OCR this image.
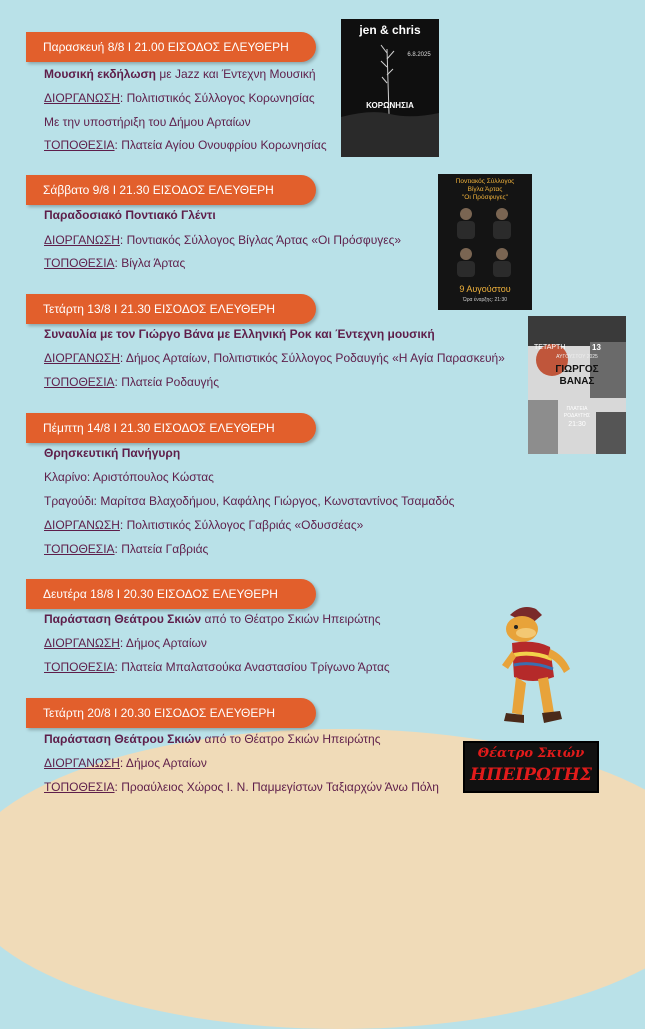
Παρασκευή 8/8 Ι 21.00 ΕΙΣΟΔΟΣ ΕΛΕΥΘΕΡΗ
Μουσική εκδήλωση με Jazz και Έντεχνη Μουσική
ΔΙΟΡΓΑΝΩΣΗ: Πολιτιστικός Σύλλογος Κορωνησίας
Με την υποστήριξη του Δήμου Αρταίων
ΤΟΠΟΘΕΣΙΑ: Πλατεία Αγίου Ονουφρίου Κορωνησίας
Σάββατο 9/8 Ι 21.30 ΕΙΣΟΔΟΣ ΕΛΕΥΘΕΡΗ
Παραδοσιακό Ποντιακό Γλέντι
ΔΙΟΡΓΑΝΩΣΗ: Ποντιακός Σύλλογος Βίγλας Άρτας «Οι Πρόσφυγες»
ΤΟΠΟΘΕΣΙΑ: Βίγλα Άρτας
Τετάρτη 13/8 Ι 21.30 ΕΙΣΟΔΟΣ ΕΛΕΥΘΕΡΗ
Συναυλία με τον Γιώργο Βάνα με Ελληνική Ροκ και Έντεχνη μουσική
ΔΙΟΡΓΑΝΩΣΗ: Δήμος Αρταίων, Πολιτιστικός Σύλλογος Ροδαυγής «Η Αγία Παρασκευή»
ΤΟΠΟΘΕΣΙΑ: Πλατεία Ροδαυγής
Πέμπτη 14/8 Ι 21.30 ΕΙΣΟΔΟΣ ΕΛΕΥΘΕΡΗ
Θρησκευτική Πανήγυρη
Κλαρίνο: Αριστόπουλος Κώστας
Τραγούδι: Μαρίτσα Βλαχοδήμου, Καφάλης Γιώργος, Κωνσταντίνος Τσαμαδός
ΔΙΟΡΓΑΝΩΣΗ: Πολιτιστικός Σύλλογος Γαβριάς «Οδυσσέας»
ΤΟΠΟΘΕΣΙΑ: Πλατεία Γαβριάς
Δευτέρα 18/8 Ι 20.30 ΕΙΣΟΔΟΣ ΕΛΕΥΘΕΡΗ
Παράσταση Θεάτρου Σκιών από το Θέατρο Σκιών Ηπειρώτης
ΔΙΟΡΓΑΝΩΣΗ: Δήμος Αρταίων
ΤΟΠΟΘΕΣΙΑ: Πλατεία Μπαλατσούκα Αναστασίου Τρίγωνο Άρτας
Τετάρτη 20/8 Ι 20.30 ΕΙΣΟΔΟΣ ΕΛΕΥΘΕΡΗ
Παράσταση Θεάτρου Σκιών από το Θέατρο Σκιών Ηπειρώτης
ΔΙΟΡΓΑΝΩΣΗ: Δήμος Αρταίων
ΤΟΠΟΘΕΣΙΑ: Προαύλειος Χώρος Ι. Ν. Παμμεγίστων Ταξιαρχών Άνω Πόλη
jen & chris
6.8.2025
ΚΟΡΩΝΗΣΙΑ
Ποντιακός Σύλλογος
Βίγλα Άρτας
"Οι Πρόσφυγες"
9 Αυγούστου
Ώρα έναρξης: 21:30
ΤΕΤΑΡΤΗ	13
ΑΥΓΟΥΣΤΟΥ 2025
ΓΙΩΡΓΟΣ
ΒΑΝΑΣ
ΠΛΑΤΕΙΑ
ΡΟΔΑΥΓΗΣ
21:30
Θέατρο Σκιών
ΗΠΕΙΡΩΤΗΣ
